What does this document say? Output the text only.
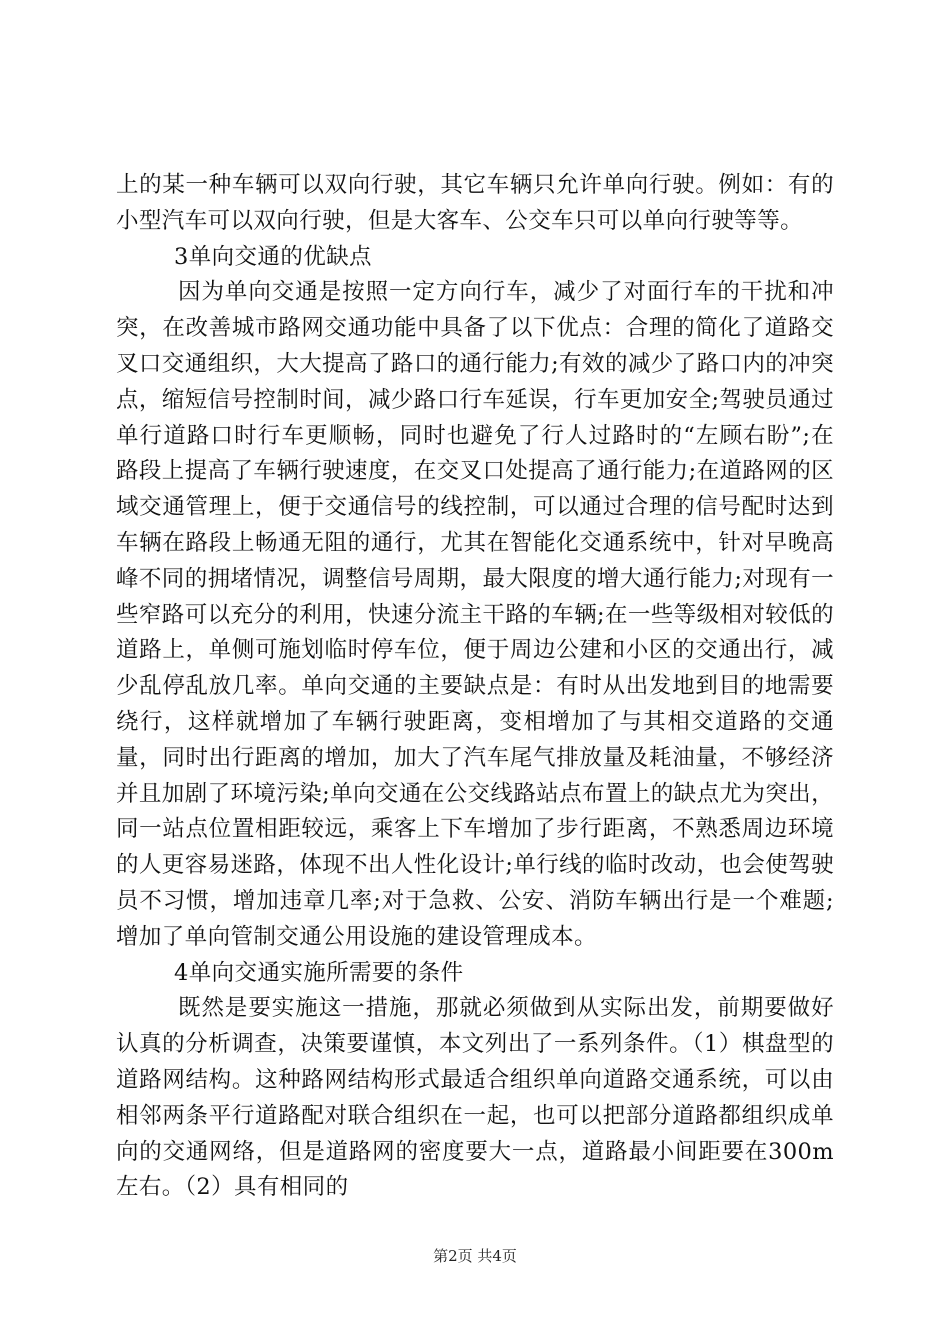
上的某一种车辆可以双向行驶，其它车辆只允许单向行驶。例如：有的小型汽车可以双向行驶，但是大客车、公交车只可以单向行驶等等。

3单向交通的优缺点

因为单向交通是按照一定方向行车，减少了对面行车的干扰和冲突，在改善城市路网交通功能中具备了以下优点：合理的简化了道路交叉口交通组织，大大提高了路口的通行能力;有效的减少了路口内的冲突点，缩短信号控制时间，减少路口行车延误，行车更加安全;驾驶员通过单行道路口时行车更顺畅，同时也避免了行人过路时的“左顾右盼”;在路段上提高了车辆行驶速度，在交叉口处提高了通行能力;在道路网的区域交通管理上，便于交通信号的线控制，可以通过合理的信号配时达到车辆在路段上畅通无阻的通行，尤其在智能化交通系统中，针对早晚高峰不同的拥堵情况，调整信号周期，最大限度的增大通行能力;对现有一些窄路可以充分的利用，快速分流主干路的车辆;在一些等级相对较低的道路上，单侧可施划临时停车位，便于周边公建和小区的交通出行，减少乱停乱放几率。单向交通的主要缺点是：有时从出发地到目的地需要绕行，这样就增加了车辆行驶距离，变相增加了与其相交道路的交通量，同时出行距离的增加，加大了汽车尾气排放量及耗油量，不够经济并且加剧了环境污染;单向交通在公交线路站点布置上的缺点尤为突出，同一站点位置相距较远，乘客上下车增加了步行距离，不熟悉周边环境的人更容易迷路，体现不出人性化设计;单行线的临时改动，也会使驾驶员不习惯，增加违章几率;对于急救、公安、消防车辆出行是一个难题;增加了单向管制交通公用设施的建设管理成本。

4单向交通实施所需要的条件

既然是要实施这一措施，那就必须做到从实际出发，前期要做好认真的分析调查，决策要谨慎，本文列出了一系列条件。（1）棋盘型的道路网结构。这种路网结构形式最适合组织单向道路交通系统，可以由相邻两条平行道路配对联合组织在一起，也可以把部分道路都组织成单向的交通网络，但是道路网的密度要大一点，道路最小间距要在300m左右。（2）具有相同的

第2页 共4页
